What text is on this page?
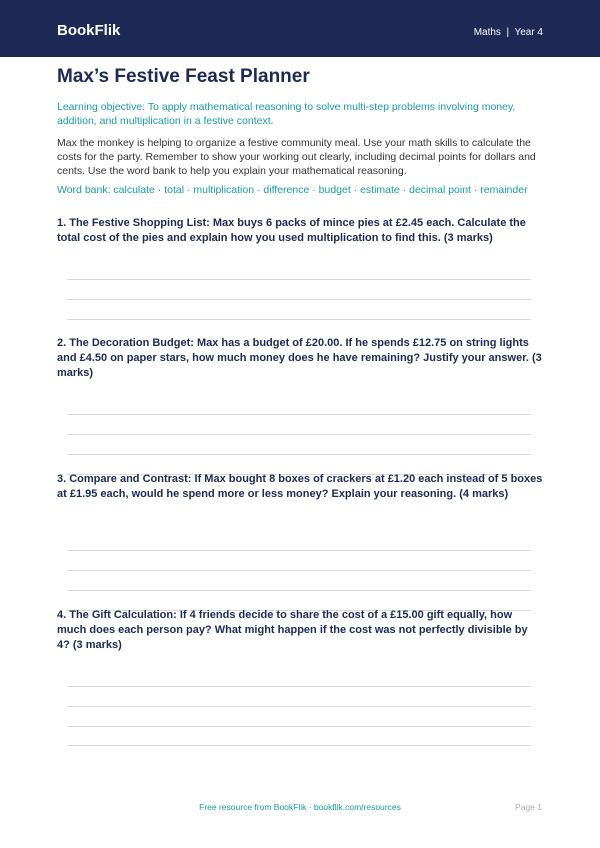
BookFlik	Maths  |  Year 4
Max’s Festive Feast Planner
Learning objective: To apply mathematical reasoning to solve multi-step problems involving money, addition, and multiplication in a festive context.
Max the monkey is helping to organize a festive community meal. Use your math skills to calculate the costs for the party. Remember to show your working out clearly, including decimal points for dollars and cents. Use the word bank to help you explain your mathematical reasoning.
Word bank: calculate · total · multiplication · difference · budget · estimate · decimal point · remainder
1. The Festive Shopping List: Max buys 6 packs of mince pies at £2.45 each. Calculate the total cost of the pies and explain how you used multiplication to find this. (3 marks)
2. The Decoration Budget: Max has a budget of £20.00. If he spends £12.75 on string lights and £4.50 on paper stars, how much money does he have remaining? Justify your answer. (3 marks)
3. Compare and Contrast: If Max bought 8 boxes of crackers at £1.20 each instead of 5 boxes at £1.95 each, would he spend more or less money? Explain your reasoning. (4 marks)
4. The Gift Calculation: If 4 friends decide to share the cost of a £15.00 gift equally, how much does each person pay? What might happen if the cost was not perfectly divisible by 4? (3 marks)
Free resource from BookFlik · bookflik.com/resources	Page 1
